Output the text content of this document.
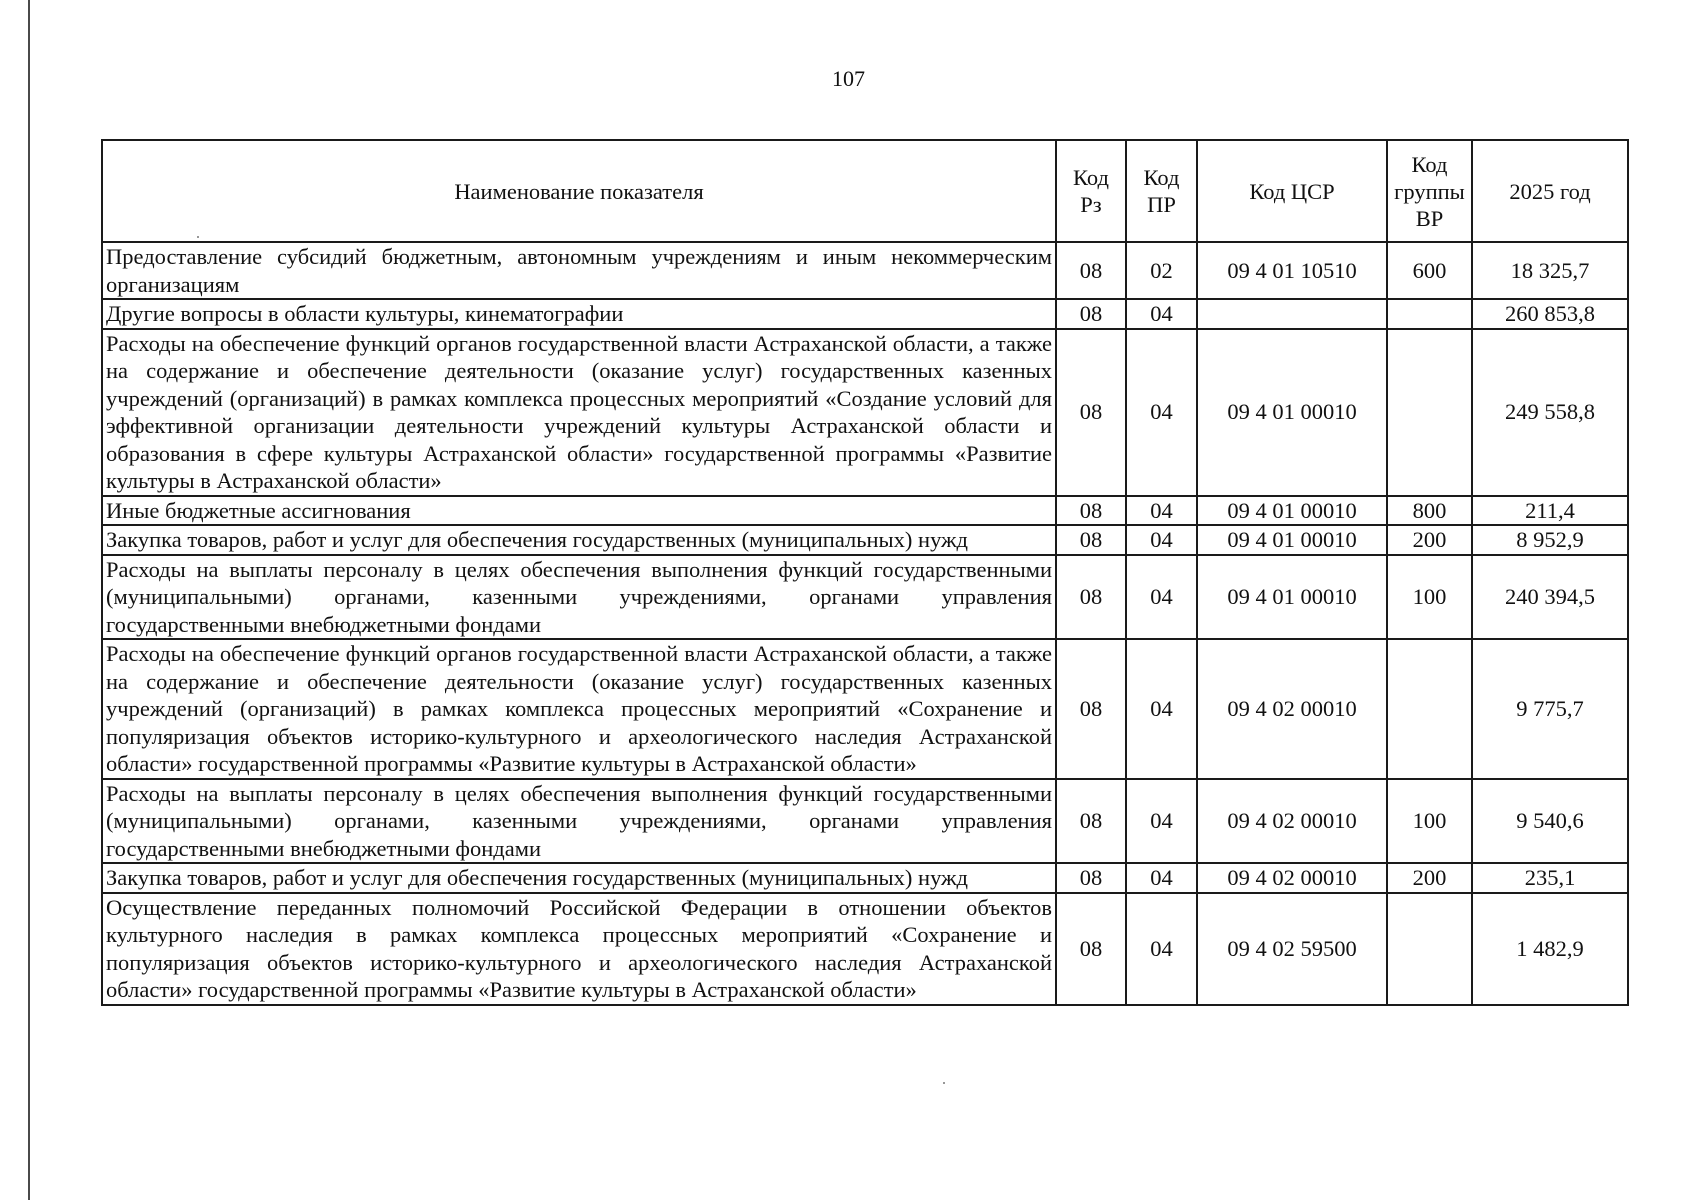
107
Наименование показателя	Код Рз	Код ПР	Код ЦСР	Код группы ВР	2025 год
Предоставление субсидий бюджетным, автономным учреждениям и иным некоммерческим организациям	08	02	09 4 01 10510	600	18 325,7
Другие вопросы в области культуры, кинематографии	08	04			260 853,8
Расходы на обеспечение функций органов государственной власти Астраханской области, а также на содержание и обеспечение деятельности (оказание услуг) государственных казенных учреждений (организаций) в рамках комплекса процессных мероприятий «Создание условий для эффективной организации деятельности учреждений культуры Астраханской области и образования в сфере культуры Астраханской области» государственной программы «Развитие культуры в Астраханской области»	08	04	09 4 01 00010		249 558,8
Иные бюджетные ассигнования	08	04	09 4 01 00010	800	211,4
Закупка товаров, работ и услуг для обеспечения государственных (муниципальных) нужд	08	04	09 4 01 00010	200	8 952,9
Расходы на выплаты персоналу в целях обеспечения выполнения функций государственными (муниципальными) органами, казенными учреждениями, органами управления государственными внебюджетными фондами	08	04	09 4 01 00010	100	240 394,5
Расходы на обеспечение функций органов государственной власти Астраханской области, а также на содержание и обеспечение деятельности (оказание услуг) государственных казенных учреждений (организаций) в рамках комплекса процессных мероприятий «Сохранение и популяризация объектов историко-культурного и археологического наследия Астраханской области» государственной программы «Развитие культуры в Астраханской области»	08	04	09 4 02 00010		9 775,7
Расходы на выплаты персоналу в целях обеспечения выполнения функций государственными (муниципальными) органами, казенными учреждениями, органами управления государственными внебюджетными фондами	08	04	09 4 02 00010	100	9 540,6
Закупка товаров, работ и услуг для обеспечения государственных (муниципальных) нужд	08	04	09 4 02 00010	200	235,1
Осуществление переданных полномочий Российской Федерации в отношении объектов культурного наследия в рамках комплекса процессных мероприятий «Сохранение и популяризация объектов историко-культурного и археологического наследия Астраханской области» государственной программы «Развитие культуры в Астраханской области»	08	04	09 4 02 59500		1 482,9
